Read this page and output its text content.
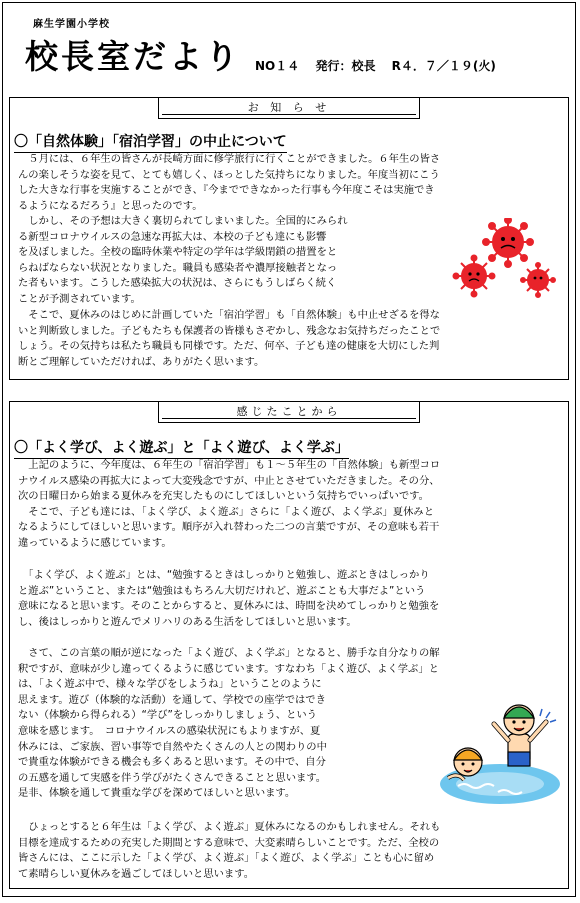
麻生学園小学校
校長室だより NO１４ 発行：校長 R４．７／１９(火)
お 知 ら せ
〇「自然体験」「宿泊学習」の中止について

　５月には、６年生の皆さんが長崎方面に修学旅行に行くことができました。６年生の皆さ

んの楽しそうな姿を見て、とても嬉しく、ほっとした気持ちになりました。年度当初にこう

した大きな行事を実施することができ、『今までできなかった行事も今年度こそは実施でき

るようになるだろう』と思ったのです。

　しかし、その予想は大きく裏切られてしまいました。全国的にみられ

る新型コロナウイルスの急速な再拡大は、本校の子ども達にも影響

を及ぼしました。全校の臨時休業や特定の学年は学級閉鎖の措置をと

らねばならない状況となりました。職員も感染者や濃厚接触者となっ

た者もいます。こうした感染拡大の状況は、さらにもうしばらく続く

ことが予測されています。

　そこで、夏休みのはじめに計画していた「宿泊学習」も「自然体験」も中止せざるを得な

いと判断致しました。子どもたちも保護者の皆様もさぞかし、残念なお気持ちだったことで

しょう。その気持ちは私たち職員も同様です。ただ、何卒、子ども達の健康を大切にした判

断とご理解していただければ、ありがたく思います。

感じたことから
〇「よく学び、よく遊ぶ」と「よく遊び、よく学ぶ」

　上記のように、今年度は、６年生の「宿泊学習」も１～５年生の「自然体験」も新型コロ

ナウイルス感染の再拡大によって大変残念ですが、中止とさせていただきました。その分、

次の日曜日から始まる夏休みを充実したものにしてほしいという気持ちでいっぱいです。

　そこで、子ども達には、「よく学び、よく遊ぶ」さらに「よく遊び、よく学ぶ」夏休みと

なるようにしてほしいと思います。順序が入れ替わった二つの言葉ですが、その意味も若干

違っているように感じています。

　「よく学び、よく遊ぶ」とは、“勉強するときはしっかりと勉強し、遊ぶときはしっかり

と遊ぶ”ということ、または“勉強はもちろん大切だけれど、遊ぶことも大事だよ”という

意味になると思います。そのことからすると、夏休みには、時間を決めてしっかりと勉強を

し、後はしっかりと遊んでメリハリのある生活をしてほしいと思います。

　さて、この言葉の順が逆になった「よく遊び、よく学ぶ」となると、勝手な自分なりの解

釈ですが、意味が少し違ってくるように感じています。すなわち「よく遊び、よく学ぶ」と

は、「よく遊ぶ中で、様々な学びをしようね」ということのように

思えます。遊び（体験的な活動）を通して、学校での座学ではでき

ない（体験から得られる）“学び”をしっかりしましょう、という

意味を感じます。　コロナウイルスの感染状況にもよりますが、夏

休みには、ご家族、習い事等で自然やたくさんの人との関わりの中

で貴重な体験ができる機会も多くあると思います。その中で、自分

の五感を通して実感を伴う学びがたくさんできることと思います。

是非、体験を通して貴重な学びを深めてほしいと思います。

　ひょっとすると６年生は「よく学び、よく遊ぶ」夏休みになるのかもしれません。それも

目標を達成するための充実した期間とする意味で、大変素晴らしいことです。ただ、全校の

皆さんには、ここに示した「よく学び、よく遊ぶ」「よく遊び、よく学ぶ」ことも心に留め

て素晴らしい夏休みを過ごしてほしいと思います。
